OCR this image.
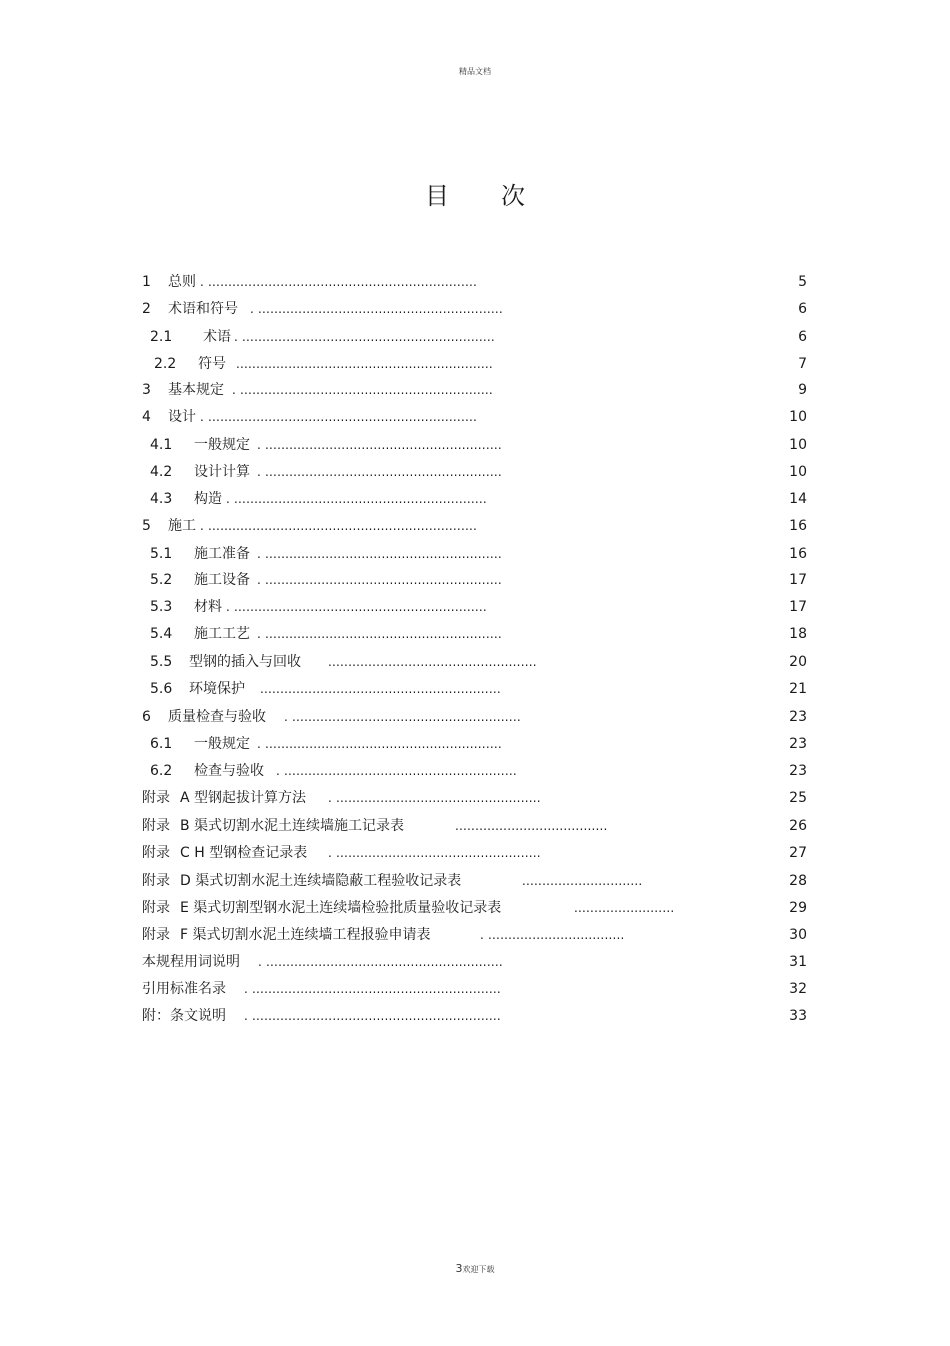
精品文档
目 次
1 总则 . ...................................................................	5
2 术语和符号 . .............................................................	6
2.1 术语 . ...............................................................	6
2.2 符号 ................................................................	7
3 基本规定 . ...............................................................	9
4 设计 . ...................................................................	10
4.1 一般规定 . ...........................................................	10
4.2 设计计算 . ...........................................................	10
4.3 构造 . ...............................................................	14
5 施工 . ...................................................................	16
5.1 施工准备 . ...........................................................	16
5.2 施工设备 . ...........................................................	17
5.3 材料 . ...............................................................	17
5.4 施工工艺 . ...........................................................	18
5.5 型钢的插入与回收 ....................................................	20
5.6 环境保护 ............................................................	21
6 质量检查与验收 . .........................................................	23
6.1 一般规定 . ...........................................................	23
6.2 检查与验收 . ..........................................................	23
附录 A 型钢起拔计算方法 . ...................................................	25
附录 B 渠式切割水泥土连续墙施工记录表	......................................	26
附录 C H 型钢检查记录表 . ...................................................	27
附录 D 渠式切割水泥土连续墙隐蔽工程验收记录表	..............................	28
附录 E 渠式切割型钢水泥土连续墙检验批质量验收记录表	.........................	29
附录 F 渠式切割水泥土连续墙工程报验申请表	. ..................................	30
本规程用词说明 . ...........................................................	31
引用标准名录 . ..............................................................	32
附：条文说明 . ..............................................................	33
3欢迎下载
